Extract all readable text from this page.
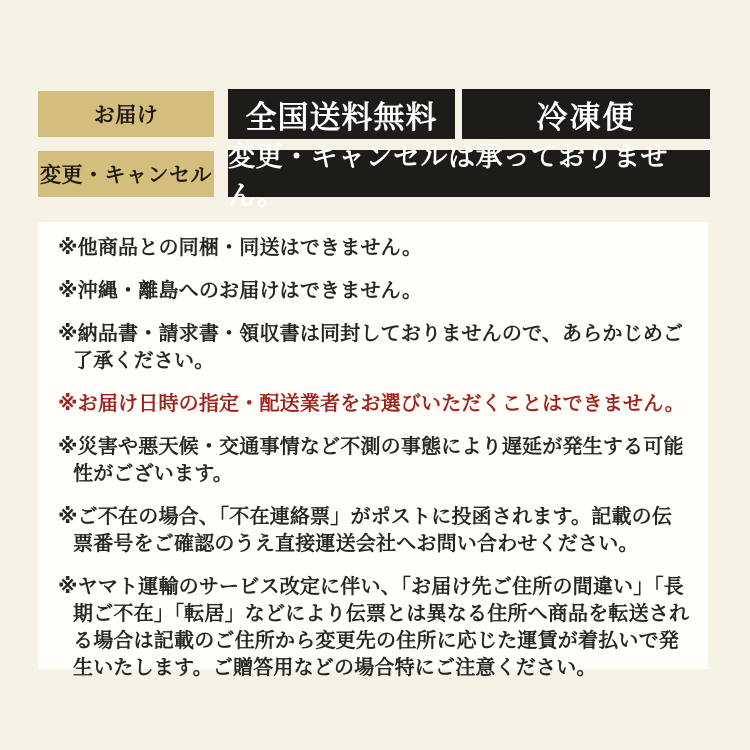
お届け	全国送料無料	冷凍便
変更・キャンセル
変更・キャンセルは承っておりません。

※他商品との同梱・同送はできません。

※沖縄・離島へのお届けはできません。

※納品書・請求書・領収書は同封しておりませんので、あらかじめご了承ください。

※お届け日時の指定・配送業者をお選びいただくことはできません。

※災害や悪天候・交通事情など不測の事態により遅延が発生する可能性がございます。

※ご不在の場合、「不在連絡票」がポストに投函されます。記載の伝票番号をご確認のうえ直接運送会社へお問い合わせください。

※ヤマト運輸のサービス改定に伴い、「お届け先ご住所の間違い」「長期ご不在」「転居」などにより伝票とは異なる住所へ商品を転送される場合は記載のご住所から変更先の住所に応じた運賃が着払いで発生いたします。ご贈答用などの場合特にご注意ください。
